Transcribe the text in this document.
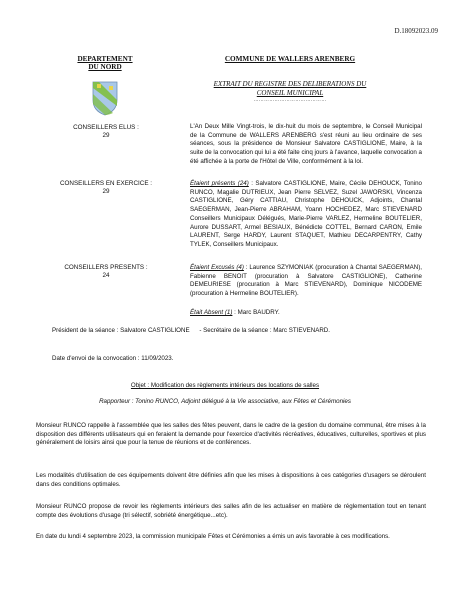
D.18092023.09
DEPARTEMENT
DU NORD
COMMUNE DE WALLERS ARENBERG
EXTRAIT DU REGISTRE DES DELIBERATIONS DU
CONSEIL MUNICIPAL
……………………………………
CONSEILLERS ELUS :
29
CONSEILLERS EN EXERCICE :
29
CONSEILLERS PRESENTS :
24
L'An Deux Mille Vingt-trois, le dix-huit du mois de septembre, le Conseil Municipal de la Commune de WALLERS ARENBERG s'est réuni au lieu ordinaire de ses séances, sous la présidence de Monsieur Salvatore CASTIGLIONE, Maire, à la suite de la convocation qui lui a été faite cinq jours à l'avance, laquelle convocation a été affichée à la porte de l'Hôtel de Ville, conformément à la loi.
Étaient présents (24) : Salvatore CASTIGLIONE, Maire, Cécile DEHOUCK, Tonino RUNCO, Magalie DUTRIEUX, Jean Pierre SELVEZ, Suzel JAWORSKI, Vincenza CASTIGLIONE, Géry CATTIAU, Christophe DEHOUCK, Adjoints, Chantal SAEGERMAN, Jean-Pierre ABRAHAM, Yoann HOCHEDEZ, Marc STIEVENARD Conseillers Municipaux Délégués, Marie-Pierre VARLEZ, Hermeline BOUTELIER, Aurore DUSSART, Armel BESIAUX, Bénédicte COTTEL, Bernard CARON, Emile LAURENT, Serge HARDY, Laurent STAQUET, Mathieu DECARPENTRY, Cathy TYLEK, Conseillers Municipaux.
Étaient Excusés (4) : Laurence SZYMONIAK (procuration à Chantal SAEGERMAN), Fabienne BENOIT (procuration à Salvatore CASTIGLIONE), Catherine DEMEURIESE (procuration à Marc STIEVENARD), Dominique NICODEME (procuration à Hermeline BOUTELIER).
Était Absent (1) : Marc BAUDRY.
Président de la séance : Salvatore CASTIGLIONE - Secrétaire de la séance : Marc STIEVENARD.
Date d'envoi de la convocation : 11/09/2023.
Objet : Modification des règlements intérieurs des locations de salles
Rapporteur : Tonino RUNCO, Adjoint délégué à la Vie associative, aux Fêtes et Cérémonies
Monsieur RUNCO rappelle à l'assemblée que les salles des fêtes peuvent, dans le cadre de la gestion du domaine communal, être mises à la disposition des différents utilisateurs qui en feraient la demande pour l'exercice d'activités récréatives, éducatives, culturelles, sportives et plus généralement de loisirs ainsi que pour la tenue de réunions et de conférences.
Les modalités d'utilisation de ces équipements doivent être définies afin que les mises à dispositions à ces catégories d'usagers se déroulent dans des conditions optimales.
Monsieur RUNCO propose de revoir les règlements intérieurs des salles afin de les actualiser en matière de réglementation tout en tenant compte des évolutions d'usage (tri sélectif, sobriété énergétique...etc).
En date du lundi 4 septembre 2023, la commission municipale Fêtes et Cérémonies a émis un avis favorable à ces modifications.
